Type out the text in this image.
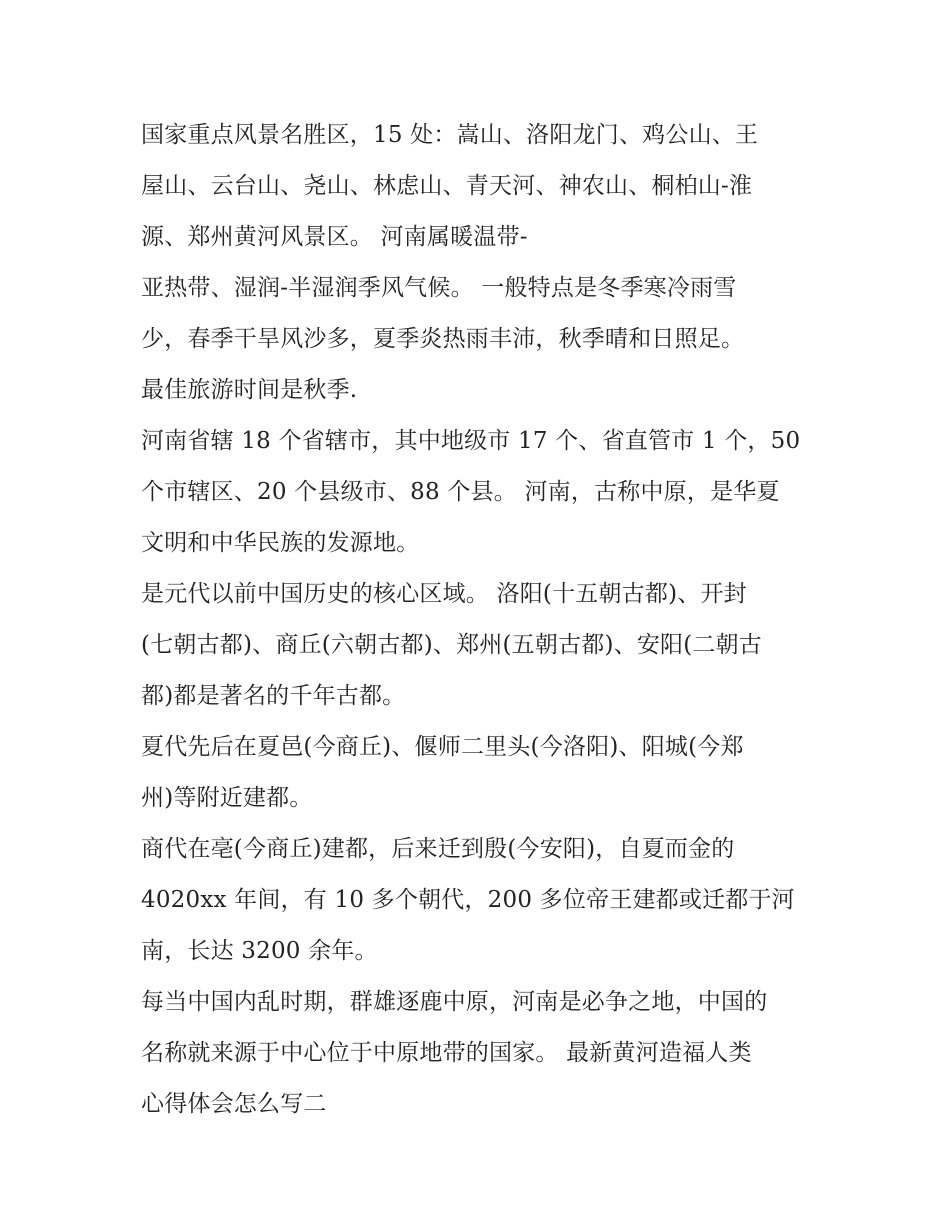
国家重点风景名胜区，15 处：嵩山、洛阳龙门、鸡公山、王
屋山、云台山、尧山、林虑山、青天河、神农山、桐柏山-淮
源、郑州黄河风景区。 河南属暖温带-
亚热带、湿润-半湿润季风气候。 一般特点是冬季寒冷雨雪
少，春季干旱风沙多，夏季炎热雨丰沛，秋季晴和日照足。
最佳旅游时间是秋季.
河南省辖 18 个省辖市，其中地级市 17 个、省直管市 1 个，50
个市辖区、20 个县级市、88 个县。 河南，古称中原，是华夏
文明和中华民族的发源地。
是元代以前中国历史的核心区域。 洛阳(十五朝古都)、开封
(七朝古都)、商丘(六朝古都)、郑州(五朝古都)、安阳(二朝古
都)都是著名的千年古都。
夏代先后在夏邑(今商丘)、偃师二里头(今洛阳)、阳城(今郑
州)等附近建都。
商代在亳(今商丘)建都，后来迁到殷(今安阳)，自夏而金的
4020xx 年间，有 10 多个朝代，200 多位帝王建都或迁都于河
南，长达 3200 余年。
每当中国内乱时期，群雄逐鹿中原，河南是必争之地，中国的
名称就来源于中心位于中原地带的国家。 最新黄河造福人类
心得体会怎么写二
